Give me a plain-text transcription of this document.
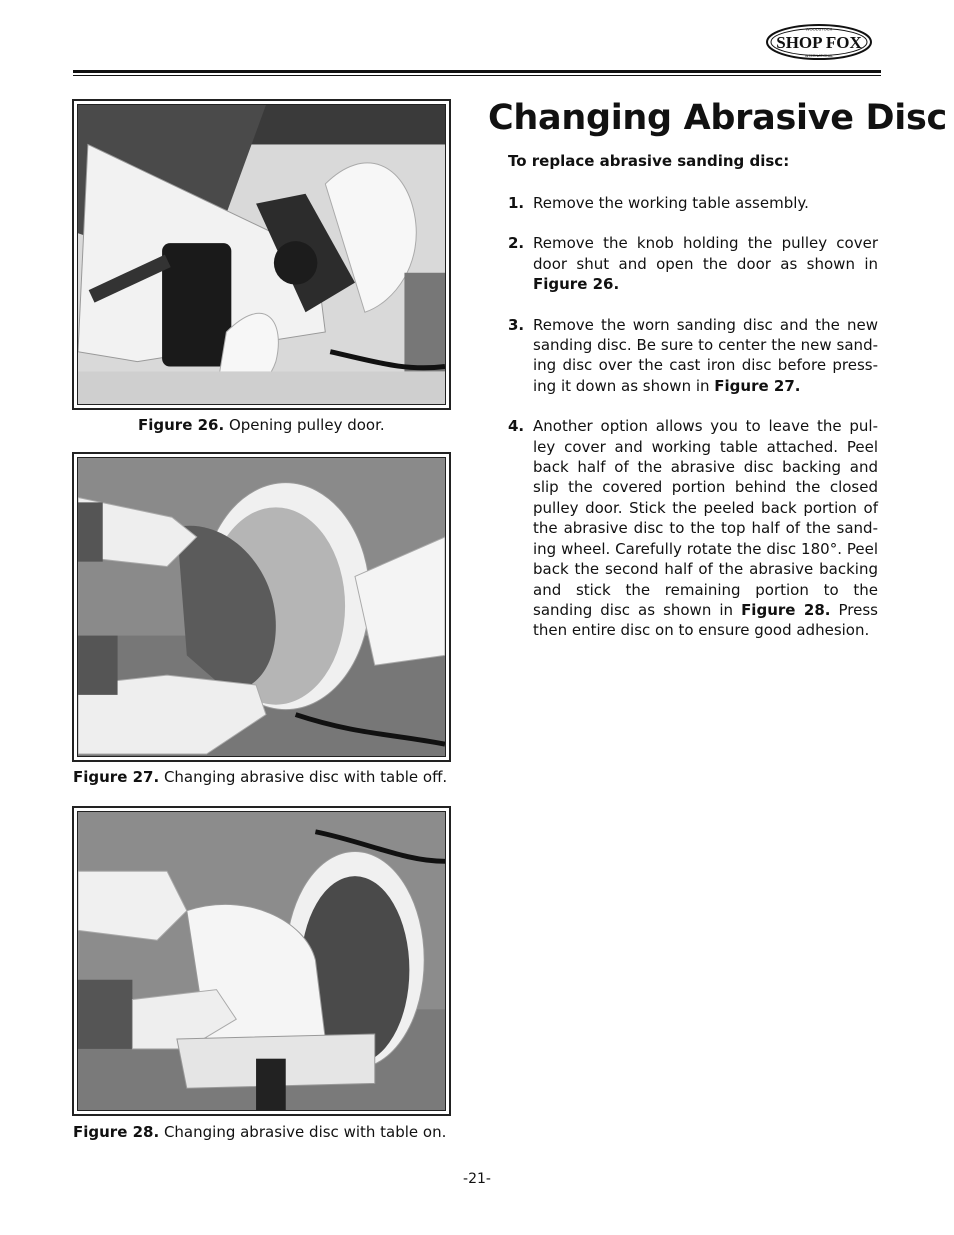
SHOP FOX
WOODSTOCK
INTERNATIONAL
Figure 26. Opening pulley door.
Figure 27. Changing abrasive disc with table off.
Figure 28. Changing abrasive disc with table on.
Changing Abrasive Disc
To replace abrasive sanding disc:
1. Remove the working table assembly.
2. Remove the knob holding the pulley cover door shut and open the door as shown in Figure 26.
3. Remove the worn sanding disc and the new sanding disc. Be sure to center the new sand-ing disc over the cast iron disc before press-ing it down as shown in Figure 27.
4. Another option allows you to leave the pul-ley cover and working table attached. Peel back half of the abrasive disc backing and slip the covered portion behind the closed pulley door. Stick the peeled back portion of the abrasive disc to the top half of the sand-ing wheel. Carefully rotate the disc 180°. Peel back the second half of the abrasive backing and stick the remaining portion to the sanding disc as shown in Figure 28. Press then entire disc on to ensure good adhesion.
-21-
